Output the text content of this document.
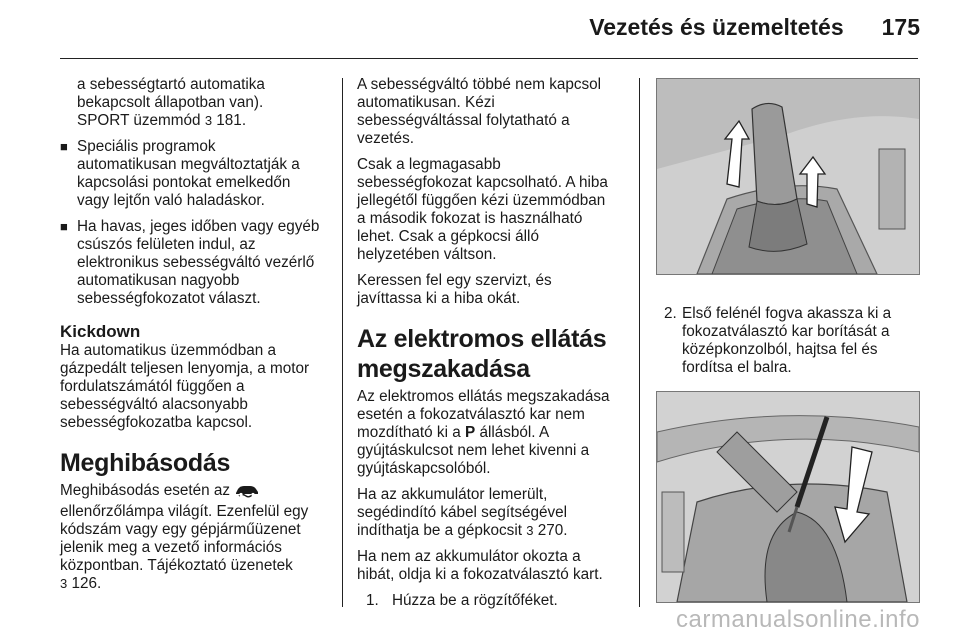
Vezetés és üzemeltetés 175

a sebességtartó automatika
bekapcsolt állapotban van).
SPORT üzemmód 3 181.

■ Speciális programok
automatikusan megváltoztatják a
kapcsolási pontokat emelkedőn
vagy lejtőn való haladáskor.
■ Ha havas, jeges időben vagy egyéb
csúszós felületen indul, az
elektronikus sebességváltó vezérlő
automatikusan nagyobb
sebességfokozatot választ.
Kickdown

Ha automatikus üzemmódban a
gázpedált teljesen lenyomja, a motor
fordulatszámától függően a
sebességváltó alacsonyabb
sebességfokozatba kapcsol.

Meghibásodás

Meghibásodás esetén az
ellenőrzőlámpa világít. Ezenfelül egy
kódszám vagy egy gépjárműüzenet
jelenik meg a vezető információs
központban. Tájékoztató üzenetek
3 126.

A sebességváltó többé nem kapcsol
automatikusan. Kézi
sebességváltással folytatható a
vezetés.

Csak a legmagasabb
sebességfokozat kapcsolható. A hiba
jellegétől függően kézi üzemmódban
a második fokozat is használható
lehet. Csak a gépkocsi álló
helyzetében váltson.

Keressen fel egy szervizt, és
javíttassa ki a hiba okát.

Az elektromos ellátás
megszakadása

Az elektromos ellátás megszakadása
esetén a fokozatválasztó kar nem
mozdítható ki a P állásból. A
gyújtáskulcsot nem lehet kivenni a
gyújtáskapcsolóból.

Ha az akkumulátor lemerült,
segédindító kábel segítségével
indíthatja be a gépkocsit 3 270.

Ha nem az akkumulátor okozta a
hibát, oldja ki a fokozatválasztó kart.

1. Húzza be a rögzítőféket.
2. Első felénél fogva akassza ki a
fokozatválasztó kar borítását a
középkonzolból, hajtsa fel és
fordítsa el balra.
carmanualsonline.info
